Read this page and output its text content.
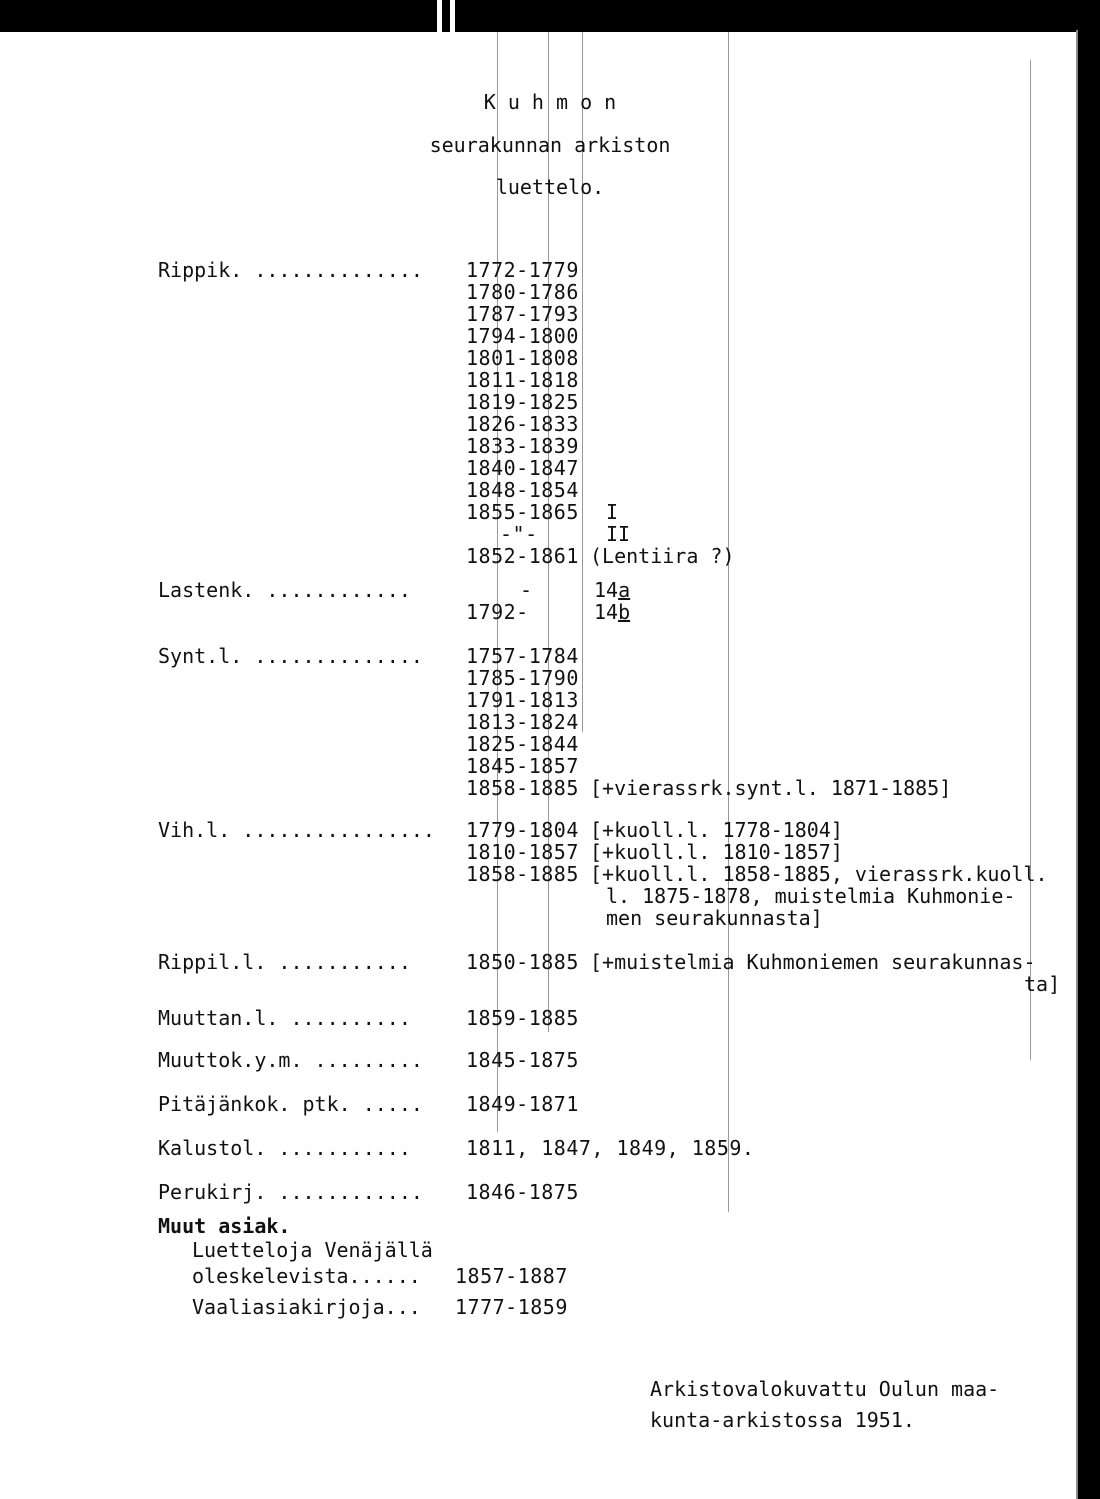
K u h m o n
seurakunnan arkiston
luettelo.
Rippik. .............. 1772-1779
1780-1786
1787-1793
1794-1800
1801-1808
1811-1818
1819-1825
1826-1833
1833-1839
1840-1847
1848-1854
1855-1865 I
-"-	II
1852-1861 (Lentiira ?)
Lastenk. ............	-	14a
1792-	14b
Synt.l. .............. 1757-1784
1785-1790
1791-1813
1813-1824
1825-1844
1845-1857
1858-1885 [+vierassrk.synt.l. 1871-1885]
Vih.l. ................ 1779-1804 [+kuoll.l. 1778-1804]
1810-1857 [+kuoll.l. 1810-1857]
1858-1885 [+kuoll.l. 1858-1885, vierassrk.kuoll.
l. 1875-1878, muistelmia Kuhmonie-
men seurakunnasta]
Rippil.l. ...........	1850-1885 [+muistelmia Kuhmoniemen seurakunnas-
ta]
Muuttan.l. ..........	1859-1885
Muuttok.y.m. ......... 1845-1875
Pitäjänkok. ptk. ..... 1849-1871
Kalustol. ...........	1811, 1847, 1849, 1859.
Perukirj. ............ 1846-1875
Muut asiak.
Luetteloja Venäjällä
oleskelevista...... 1857-1887
Vaaliasiakirjoja... 1777-1859
Arkistovalokuvattu Oulun maa-
kunta-arkistossa 1951.
